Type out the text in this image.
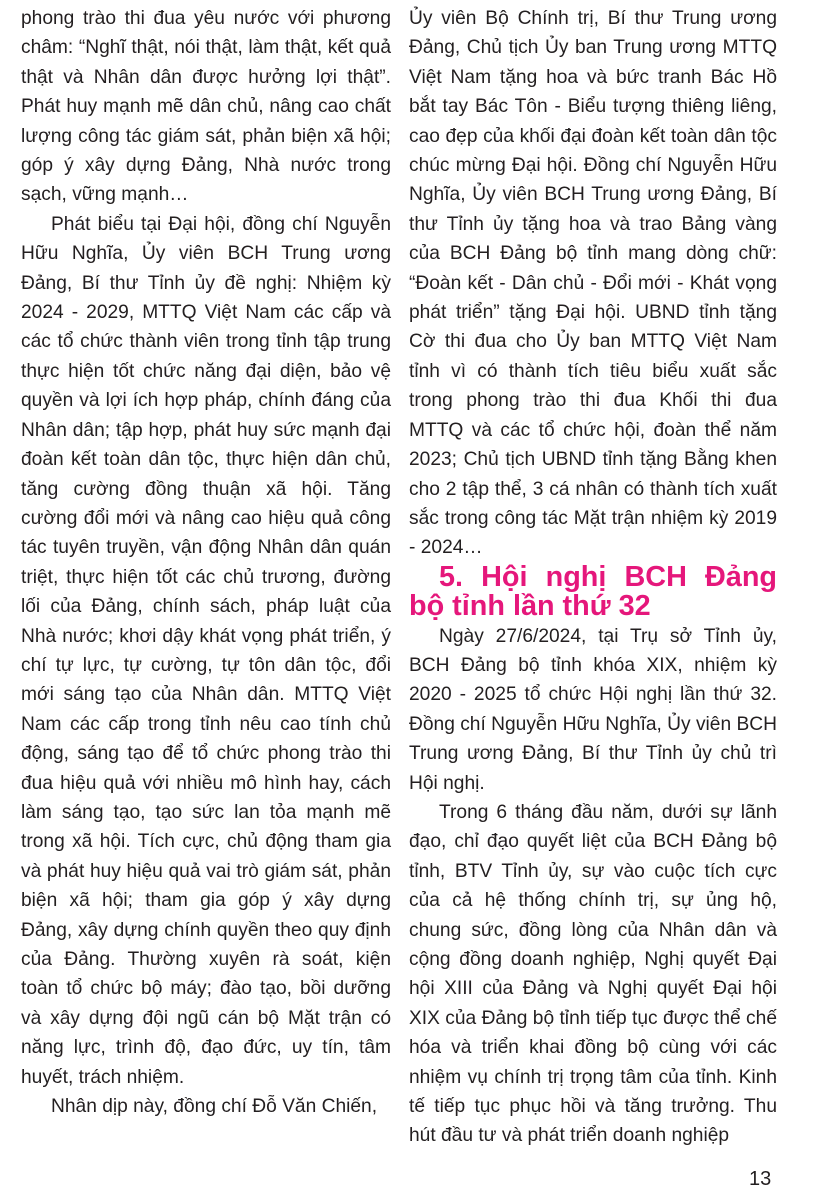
phong trào thi đua yêu nước với phương châm: “Nghĩ thật, nói thật, làm thật, kết quả thật và Nhân dân được hưởng lợi thật”. Phát huy mạnh mẽ dân chủ, nâng cao chất lượng công tác giám sát, phản biện xã hội; góp ý xây dựng Đảng, Nhà nước trong sạch, vững mạnh…

Phát biểu tại Đại hội, đồng chí Nguyễn Hữu Nghĩa, Ủy viên BCH Trung ương Đảng, Bí thư Tỉnh ủy đề nghị: Nhiệm kỳ 2024 - 2029, MTTQ Việt Nam các cấp và các tổ chức thành viên trong tỉnh tập trung thực hiện tốt chức năng đại diện, bảo vệ quyền và lợi ích hợp pháp, chính đáng của Nhân dân; tập hợp, phát huy sức mạnh đại đoàn kết toàn dân tộc, thực hiện dân chủ, tăng cường đồng thuận xã hội. Tăng cường đổi mới và nâng cao hiệu quả công tác tuyên truyền, vận động Nhân dân quán triệt, thực hiện tốt các chủ trương, đường lối của Đảng, chính sách, pháp luật của Nhà nước; khơi dậy khát vọng phát triển, ý chí tự lực, tự cường, tự tôn dân tộc, đổi mới sáng tạo của Nhân dân. MTTQ Việt Nam các cấp trong tỉnh nêu cao tính chủ động, sáng tạo để tổ chức phong trào thi đua hiệu quả với nhiều mô hình hay, cách làm sáng tạo, tạo sức lan tỏa mạnh mẽ trong xã hội. Tích cực, chủ động tham gia và phát huy hiệu quả vai trò giám sát, phản biện xã hội; tham gia góp ý xây dựng Đảng, xây dựng chính quyền theo quy định của Đảng. Thường xuyên rà soát, kiện toàn tổ chức bộ máy; đào tạo, bồi dưỡng và xây dựng đội ngũ cán bộ Mặt trận có năng lực, trình độ, đạo đức, uy tín, tâm huyết, trách nhiệm.

Nhân dịp này, đồng chí Đỗ Văn Chiến,

Ủy viên Bộ Chính trị, Bí thư Trung ương Đảng, Chủ tịch Ủy ban Trung ương MTTQ Việt Nam tặng hoa và bức tranh Bác Hồ bắt tay Bác Tôn - Biểu tượng thiêng liêng, cao đẹp của khối đại đoàn kết toàn dân tộc chúc mừng Đại hội. Đồng chí Nguyễn Hữu Nghĩa, Ủy viên BCH Trung ương Đảng, Bí thư Tỉnh ủy tặng hoa và trao Bảng vàng của BCH Đảng bộ tỉnh mang dòng chữ: “Đoàn kết - Dân chủ - Đổi mới - Khát vọng phát triển” tặng Đại hội. UBND tỉnh tặng Cờ thi đua cho Ủy ban MTTQ Việt Nam tỉnh vì có thành tích tiêu biểu xuất sắc trong phong trào thi đua Khối thi đua MTTQ và các tổ chức hội, đoàn thể năm 2023; Chủ tịch UBND tỉnh tặng Bằng khen cho 2 tập thể, 3 cá nhân có thành tích xuất sắc trong công tác Mặt trận nhiệm kỳ 2019 - 2024…

5. Hội nghị BCH Đảng bộ tỉnh lần thứ 32

Ngày 27/6/2024, tại Trụ sở Tỉnh ủy, BCH Đảng bộ tỉnh khóa XIX, nhiệm kỳ 2020 - 2025 tổ chức Hội nghị lần thứ 32. Đồng chí Nguyễn Hữu Nghĩa, Ủy viên BCH Trung ương Đảng, Bí thư Tỉnh ủy chủ trì Hội nghị.

Trong 6 tháng đầu năm, dưới sự lãnh đạo, chỉ đạo quyết liệt của BCH Đảng bộ tỉnh, BTV Tỉnh ủy, sự vào cuộc tích cực của cả hệ thống chính trị, sự ủng hộ, chung sức, đồng lòng của Nhân dân và cộng đồng doanh nghiệp, Nghị quyết Đại hội XIII của Đảng và Nghị quyết Đại hội XIX của Đảng bộ tỉnh tiếp tục được thể chế hóa và triển khai đồng bộ cùng với các nhiệm vụ chính trị trọng tâm của tỉnh. Kinh tế tiếp tục phục hồi và tăng trưởng. Thu hút đầu tư và phát triển doanh nghiệp

13
